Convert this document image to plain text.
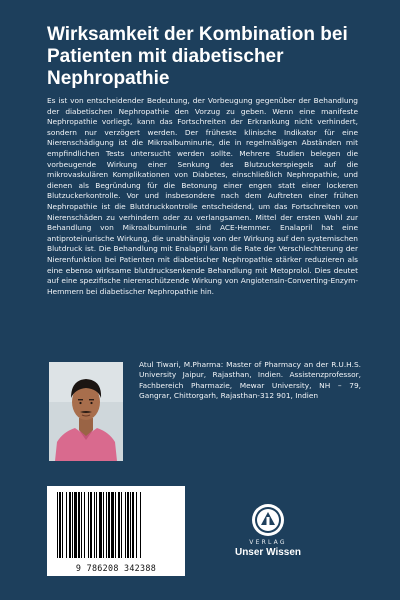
Wirksamkeit der Kombination bei
Patienten mit diabetischer
Nephropathie

Es ist von entscheidender Bedeutung, der Vorbeugung gegenüber der Behandlung der diabetischen Nephropathie den Vorzug zu geben. Wenn eine manifeste Nephropathie vorliegt, kann das Fortschreiten der Erkrankung nicht verhindert, sondern nur verzögert werden. Der früheste klinische Indikator für eine Nierenschädigung ist die Mikroalbuminurie, die in regelmäßigen Abständen mit empfindlichen Tests untersucht werden sollte. Mehrere Studien belegen die vorbeugende Wirkung einer Senkung des Blutzuckerspiegels auf die mikrovaskulären Komplikationen von Diabetes, einschließlich Nephropathie, und dienen als Begründung für die Betonung einer engen statt einer lockeren Blutzuckerkontrolle. Vor und insbesondere nach dem Auftreten einer frühen Nephropathie ist die Blutdruckkontrolle entscheidend, um das Fortschreiten von Nierenschäden zu verhindern oder zu verlangsamen. Mittel der ersten Wahl zur Behandlung von Mikroalbuminurie sind ACE-Hemmer. Enalapril hat eine antiproteinurische Wirkung, die unabhängig von der Wirkung auf den systemischen Blutdruck ist. Die Behandlung mit Enalapril kann die Rate der Verschlechterung der Nierenfunktion bei Patienten mit diabetischer Nephropathie stärker reduzieren als eine ebenso wirksame blutdrucksenkende Behandlung mit Metoprolol. Dies deutet auf eine spezifische nierenschützende Wirkung von Angiotensin-Converting-Enzym-Hemmern bei diabetischer Nephropathie hin.

Atul Tiwari, M.Pharma: Master of Pharmacy an der R.U.H.S. University Jaipur, Rajasthan, Indien. Assistenzprofessor, Fachbereich Pharmazie, Mewar University, NH – 79, Gangrar, Chittorgarh, Rajasthan-312 901, Indien

9 786208 342388
VERLAG
Unser Wissen
